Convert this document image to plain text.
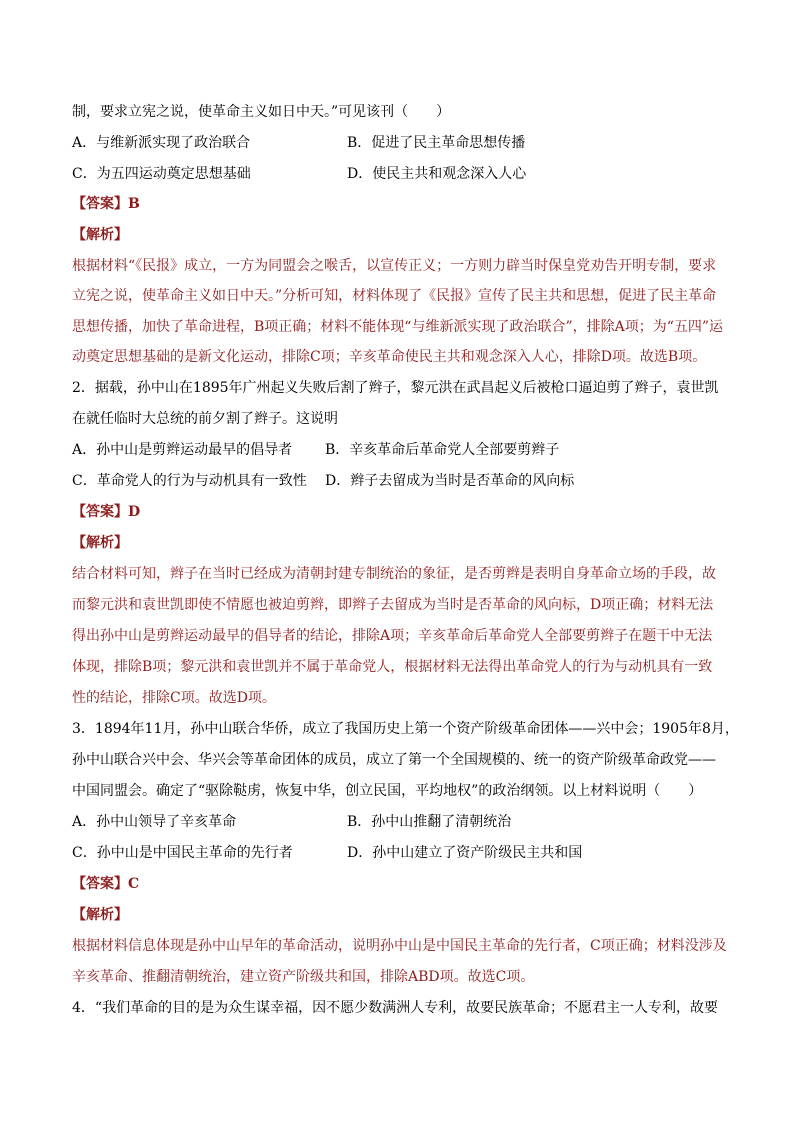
制，要求立宪之说，使革命主义如日中天。”可见该刊（　　）
A．与维新派实现了政治联合	B．促进了民主革命思想传播
C．为五四运动奠定思想基础	D．使民主共和观念深入人心
【答案】B
【解析】
根据材料“《民报》成立，一方为同盟会之喉舌，以宣传正义；一方则力辟当时保皇党劝告开明专制，要求
立宪之说，使革命主义如日中天。”分析可知，材料体现了《民报》宣传了民主共和思想，促进了民主革命
思想传播，加快了革命进程，B项正确；材料不能体现“与维新派实现了政治联合”，排除A项；为“五四”运
动奠定思想基础的是新文化运动，排除C项；辛亥革命使民主共和观念深入人心，排除D项。故选B项。
2．据载，孙中山在1895年广州起义失败后割了辫子，黎元洪在武昌起义后被枪口逼迫剪了辫子，袁世凯
在就任临时大总统的前夕割了辫子。这说明
A．孙中山是剪辫运动最早的倡导者 B．辛亥革命后革命党人全部要剪辫子
C．革命党人的行为与动机具有一致性 D．辫子去留成为当时是否革命的风向标
【答案】D
【解析】
结合材料可知，辫子在当时已经成为清朝封建专制统治的象征，是否剪辫是表明自身革命立场的手段，故
而黎元洪和袁世凯即使不情愿也被迫剪辫，即辫子去留成为当时是否革命的风向标，D项正确；材料无法
得出孙中山是剪辫运动最早的倡导者的结论，排除A项；辛亥革命后革命党人全部要剪辫子在题干中无法
体现，排除B项；黎元洪和袁世凯并不属于革命党人，根据材料无法得出革命党人的行为与动机具有一致
性的结论，排除C项。故选D项。
3．1894年11月，孙中山联合华侨，成立了我国历史上第一个资产阶级革命团体——兴中会；1905年8月，
孙中山联合兴中会、华兴会等革命团体的成员，成立了第一个全国规模的、统一的资产阶级革命政党——
中国同盟会。确定了“驱除鞑虏，恢复中华，创立民国，平均地权”的政治纲领。以上材料说明（　　）
A．孙中山领导了辛亥革命	B．孙中山推翻了清朝统治
C．孙中山是中国民主革命的先行者	D．孙中山建立了资产阶级民主共和国
【答案】C
【解析】
根据材料信息体现是孙中山早年的革命活动，说明孙中山是中国民主革命的先行者，C项正确；材料没涉及
辛亥革命、推翻清朝统治，建立资产阶级共和国，排除ABD项。故选C项。
4．“我们革命的目的是为众生谋幸福，因不愿少数满洲人专利，故要民族革命；不愿君主一人专利，故要
